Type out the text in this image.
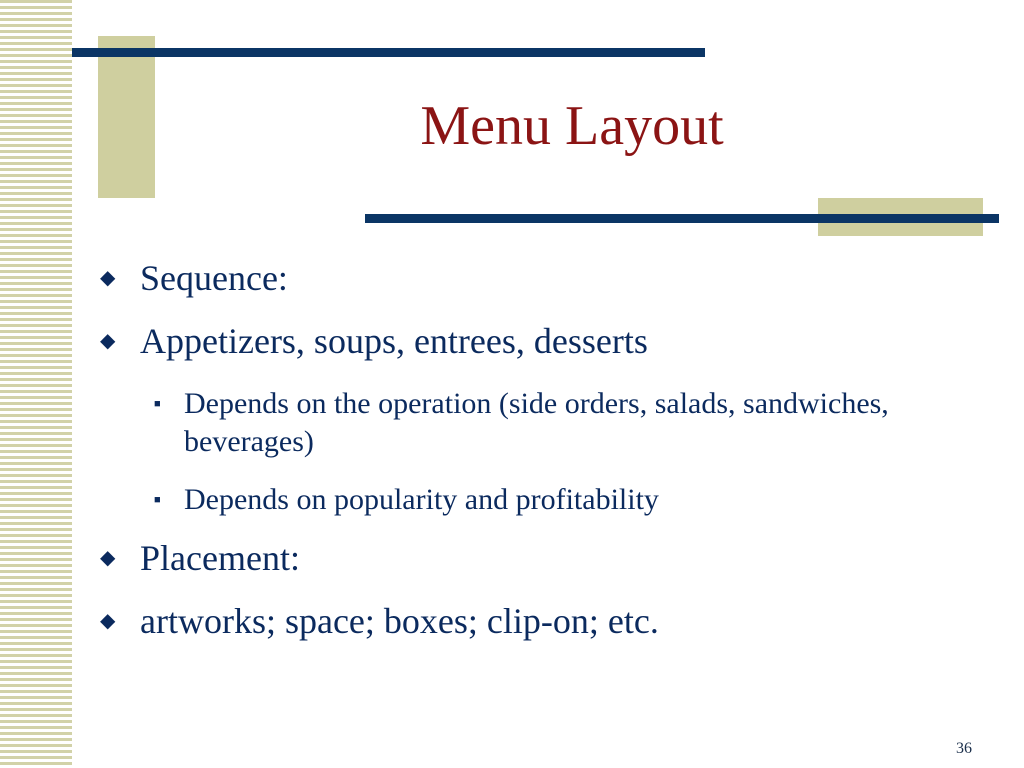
Menu Layout
◆ Sequence:
◆ Appetizers, soups, entrees, desserts
■ Depends on the operation (side orders, salads, sandwiches, beverages)
■ Depends on popularity and profitability
◆ Placement:
◆ artworks; space; boxes; clip-on; etc.
36
